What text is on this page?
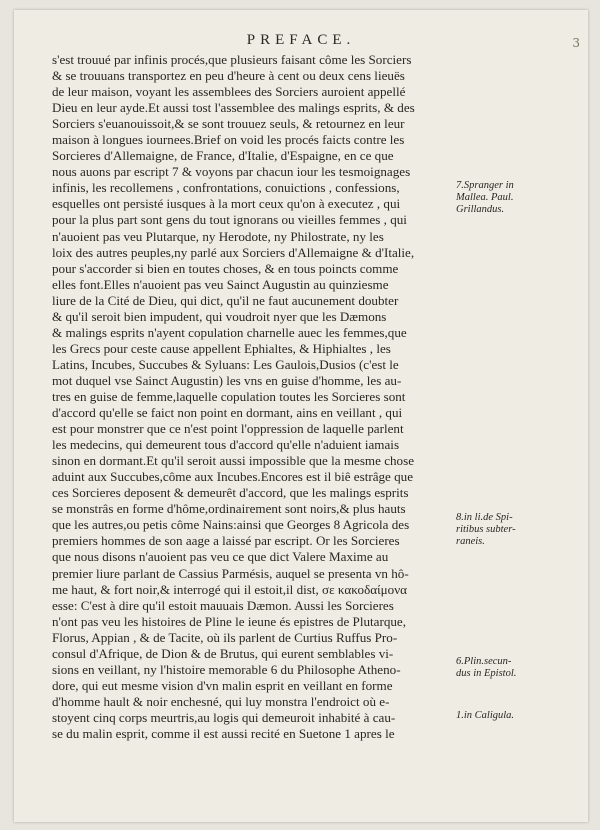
PREFACE.	3
s'est trouué par infinis procés,que plusieurs faisant côme les Sorciers
& se trouuans transportez en peu d'heure à cent ou deux cens lieuës
de leur maison, voyant les assemblees des Sorciers auroient appellé
Dieu en leur ayde.Et aussi tost l'assemblee des malings esprits, & des
Sorciers s'euanouissoit,& se sont trouuez seuls, & retournez en leur
maison à longues iournees.Brief on void les procés faicts contre les
Sorcieres d'Allemaigne, de France, d'Italie, d'Espaigne, en ce que
nous auons par escript 7 & voyons par chacun iour les tesmoignages
infinis, les recollemens , confrontations, conuictions , confessions,
esquelles ont persisté iusques à la mort ceux qu'on à executez , qui
pour la plus part sont gens du tout ignorans ou vieilles femmes , qui
n'auoient pas veu Plutarque, ny Herodote, ny Philostrate, ny les
loix des autres peuples,ny parlé aux Sorciers d'Allemaigne & d'Italie,
pour s'accorder si bien en toutes choses, & en tous poincts comme
elles font.Elles n'auoient pas veu Sainct Augustin au quinziesme
liure de la Cité de Dieu, qui dict, qu'il ne faut aucunement doubter
& qu'il seroit bien impudent, qui voudroit nyer que les Dæmons
& malings esprits n'ayent copulation charnelle auec les femmes,que
les Grecs pour ceste cause appellent Ephialtes, & Hiphialtes , les
Latins, Incubes, Succubes & Syluans: Les Gaulois,Dusios (c'est le
mot duquel vse Sainct Augustin) les vns en guise d'homme, les au-
tres en guise de femme,laquelle copulation toutes les Sorcieres sont
d'accord qu'elle se faict non point en dormant, ains en veillant , qui
est pour monstrer que ce n'est point l'oppression de laquelle parlent
les medecins, qui demeurent tous d'accord qu'elle n'aduient iamais
sinon en dormant.Et qu'il seroit aussi impossible que la mesme chose
aduint aux Succubes,côme aux Incubes.Encores est il biê estrâge que
ces Sorcieres deposent & demeurêt d'accord, que les malings esprits
se monstrâs en forme d'hôme,ordinairement sont noirs,& plus hauts
que les autres,ou petis côme Nains:ainsi que Georges 8 Agricola des
premiers hommes de son aage a laissé par escript. Or les Sorcieres
que nous disons n'auoient pas veu ce que dict Valere Maxime au
premier liure parlant de Cassius Parmésis, auquel se presenta vn hô-
me haut, & fort noir,& interrogé qui il estoit,il dist, σε κακοδαίμονα
esse: C'est à dire qu'il estoit mauuais Dæmon. Aussi les Sorcieres
n'ont pas veu les histoires de Pline le ieune és epistres de Plutarque,
Florus, Appian , & de Tacite, où ils parlent de Curtius Ruffus Pro-
consul d'Afrique, de Dion & de Brutus, qui eurent semblables vi-
sions en veillant, ny l'histoire memorable 6 du Philosophe Atheno-
dore, qui eut mesme vision d'vn malin esprit en veillant en forme
d'homme hault & noir enchesné, qui luy monstra l'endroict où e-
stoyent cinq corps meurtris,au logis qui demeuroit inhabité à cau-
se du malin esprit, comme il est aussi recité en Suetone 1 apres le
7.Spranger in
Mallea. Paul.
Grillandus.
8.in li.de Spi-
ritibus subter-
raneis.
6.Plin.secun-
dus in Epistol.
1.in Caligula.
